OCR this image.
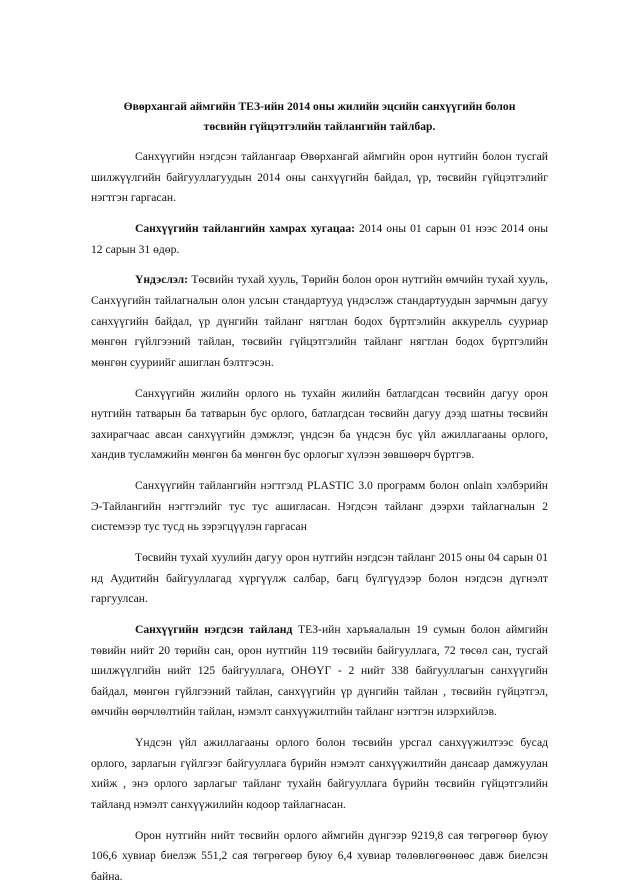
Өвөрхангай аймгийн ТЕЗ-ийн 2014 оны жилийн эцсийн санхүүгийн болон
төсвийн гүйцэтгэлийн тайлангийн тайлбар.

Санхүүгийн нэгдсэн тайлангаар Өвөрхангай аймгийн орон нутгийн болон тусгай шилжүүлгийн байгууллагуудын 2014 оны санхүүгийн байдал, үр, төсвийн гүйцэтгэлийг нэгтгэн гаргасан.

Санхүүгийн тайлангийн хамрах хугацаа: 2014 оны 01 сарын 01 нээс 2014 оны 12 сарын 31 өдөр.

Үндэслэл: Төсвийн тухай хууль, Төрийн болон орон нутгийн өмчийн тухай хууль, Санхүүгийн тайлагналын олон улсын стандартууд үндэслэж стандартуудын зарчмын дагуу санхүүгийн байдал, үр дүнгийн тайланг нягтлан бодох бүртгэлийн аккурелль сууриар мөнгөн гүйлгээний тайлан, төсвийн гүйцэтгэлийн тайланг нягтлан бодох бүртгэлийн мөнгөн сууриийг ашиглан бэлтгэсэн.

Санхүүгийн жилийн орлого нь тухайн жилийн батлагдсан төсвийн дагуу орон нутгийн татварын ба татварын бус орлого, батлагдсан төсвийн дагуу дээд шатны төсвийн захирагчаас авсан санхүүгийн дэмжлэг, үндсэн ба үндсэн бус үйл ажиллагааны орлого, хандив тусламжийн мөнгөн ба мөнгөн бус орлогыг хүлээн зөвшөөрч бүртгэв.

Санхүүгийн тайлангийн нэгтгэлд PLASTIC 3.0 программ болон onlain хэлбэрийн Э-Тайлангийн нэгтгэлийг тус тус ашигласан. Нэгдсэн тайланг дээрхи тайлагналын 2 системээр тус тусд нь зэрэгцүүлэн гаргасан

Төсвийн тухай хуулийн дагуу орон нутгийн нэгдсэн тайланг 2015 оны 04 сарын 01 нд Аудитийн байгууллагад хүргүүлж салбар, бағц бүлгүүдээр болон нэгдсэн дүгнэлт гаргуулсан.

Санхүүгийн нэгдсэн тайланд ТЕЗ-ийн харъяалалын 19 сумын болон аймгийн төвийн нийт 20 төрийн сан, орон нутгийн 119 төсвийн байгууллага, 72 төсөл сан, тусгай шилжүүлгийн нийт 125 байгууллага, ОНӨҮГ - 2 нийт 338 байгууллагын санхүүгийн байдал, мөнгөн гүйлгээний тайлан, санхүүгийн үр дүнгийн тайлан , төсвийн гүйцэтгэл, өмчийн өөрчлөлтийн тайлан, нэмэлт санхүүжилтийн тайланг нэгтгэн илэрхийлэв.

Үндсэн үйл ажиллагааны орлого болон төсвийн урсгал санхүүжилтээс бусад орлого, зарлагын гүйлгээг байгууллага бүрийн нэмэлт санхүүжилтийн дансаар дамжуулан хийж , энэ орлого зарлагыг тайланг тухайн байгууллага бүрийн төсвийн гүйцэтгэлийн тайланд нэмэлт санхүүжилийн кодоор тайлагнасан.

Орон нутгийн нийт төсвийн орлого аймгийн дүнгээр 9219,8 сая төгрөгөөр буюу 106,6 хувиар биелэж 551,2 сая төгрөгөөр буюу 6,4 хувиар төлөвлөгөөнөөс давж биелсэн байна.
